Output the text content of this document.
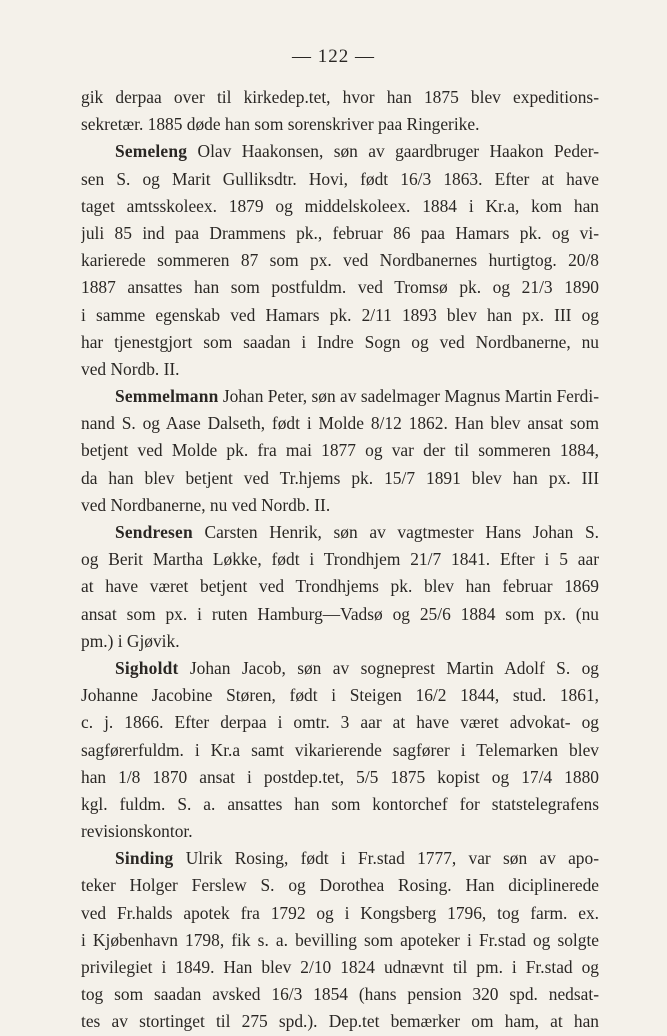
— 122 —
gik derpaa over til kirkedep.tet, hvor han 1875 blev expeditions-
sekretær. 1885 døde han som sorenskriver paa Ringerike.
Semeleng Olav Haakonsen, søn av gaardbruger Haakon Peder-
sen S. og Marit Gulliksdtr. Hovi, født 16/3 1863. Efter at have
taget amtsskoleex. 1879 og middelskoleex. 1884 i Kr.a, kom han
juli 85 ind paa Drammens pk., februar 86 paa Hamars pk. og vi-
karierede sommeren 87 som px. ved Nordbanernes hurtigtog. 20/8
1887 ansattes han som postfuldm. ved Tromsø pk. og 21/3 1890
i samme egenskab ved Hamars pk. 2/11 1893 blev han px. III og
har tjenestgjort som saadan i Indre Sogn og ved Nordbanerne, nu
ved Nordb. II.
Semmelmann Johan Peter, søn av sadelmager Magnus Martin Ferdi-
nand S. og Aase Dalseth, født i Molde 8/12 1862. Han blev ansat som
betjent ved Molde pk. fra mai 1877 og var der til sommeren 1884,
da han blev betjent ved Tr.hjems pk. 15/7 1891 blev han px. III
ved Nordbanerne, nu ved Nordb. II.
Sendresen Carsten Henrik, søn av vagtmester Hans Johan S.
og Berit Martha Løkke, født i Trondhjem 21/7 1841. Efter i 5 aar
at have været betjent ved Trondhjems pk. blev han februar 1869
ansat som px. i ruten Hamburg—Vadsø og 25/6 1884 som px. (nu
pm.) i Gjøvik.
Sigholdt Johan Jacob, søn av sogneprest Martin Adolf S. og
Johanne Jacobine Støren, født i Steigen 16/2 1844, stud. 1861,
c. j. 1866. Efter derpaa i omtr. 3 aar at have været advokat- og
sagførerfuldm. i Kr.a samt vikarierende sagfører i Telemarken blev
han 1/8 1870 ansat i postdep.tet, 5/5 1875 kopist og 17/4 1880
kgl. fuldm. S. a. ansattes han som kontorchef for statstelegrafens
revisionskontor.
Sinding Ulrik Rosing, født i Fr.stad 1777, var søn av apo-
teker Holger Ferslew S. og Dorothea Rosing. Han diciplinerede
ved Fr.halds apotek fra 1792 og i Kongsberg 1796, tog farm. ex.
i Kjøbenhavn 1798, fik s. a. bevilling som apoteker i Fr.stad og solgte
privilegiet i 1849. Han blev 2/10 1824 udnævnt til pm. i Fr.stad og
tog som saadan avsked 16/3 1854 (hans pension 320 spd. nedsat-
tes av stortinget til 275 spd.). Dep.tet bemærker om ham, at han
